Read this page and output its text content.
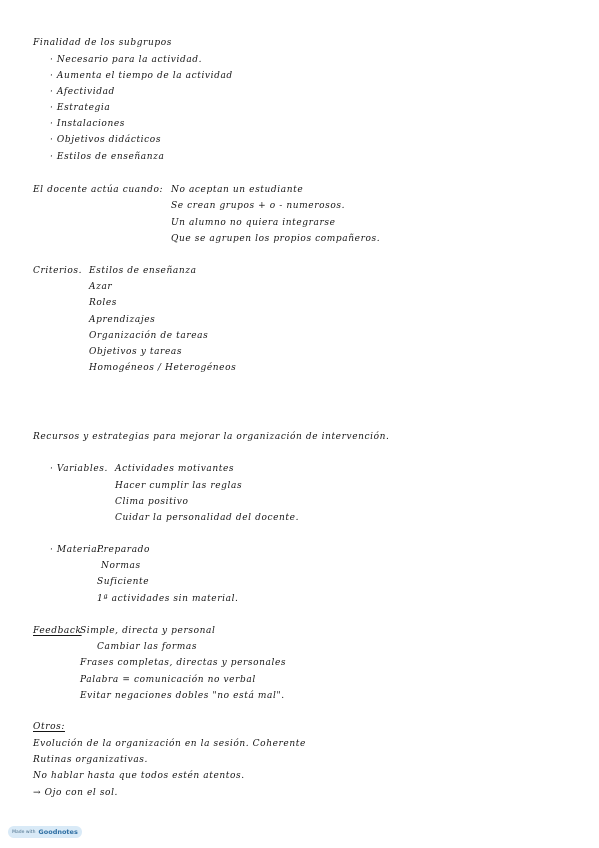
Finalidad de los subgrupos
· Necesario para la actividad.
· Aumenta el tiempo de la actividad
· Afectividad
· Estrategia
· Instalaciones
· Objetivos didácticos
· Estilos de enseñanza
El docente actúa cuando: No aceptan un estudiante
Se crean grupos + o - numerosos.
Un alumno no quiera integrarse
Que se agrupen los propios compañeros.
Criterios. Estilos de enseñanza
Azar
Roles
Aprendizajes
Organización de tareas
Objetivos y tareas
Homogéneos / Heterogéneos
Recursos y estrategias para mejorar la organización de intervención.
· Variables. Actividades motivantes
Hacer cumplir las reglas
Clima positivo
Cuidar la personalidad del docente.
· Material.
Preparado
Normas
Suficiente
1ª actividades sin material.
Feedback
Simple, directa y personal
Cambiar las formas
Frases completas, directas y personales
Palabra = comunicación no verbal
Evitar negaciones dobles "no está mal".
Otros:
Evolución de la organización en la sesión. Coherente
Rutinas organizativas.
No hablar hasta que todos estén atentos.
→ Ojo con el sol.
Made with Goodnotes
